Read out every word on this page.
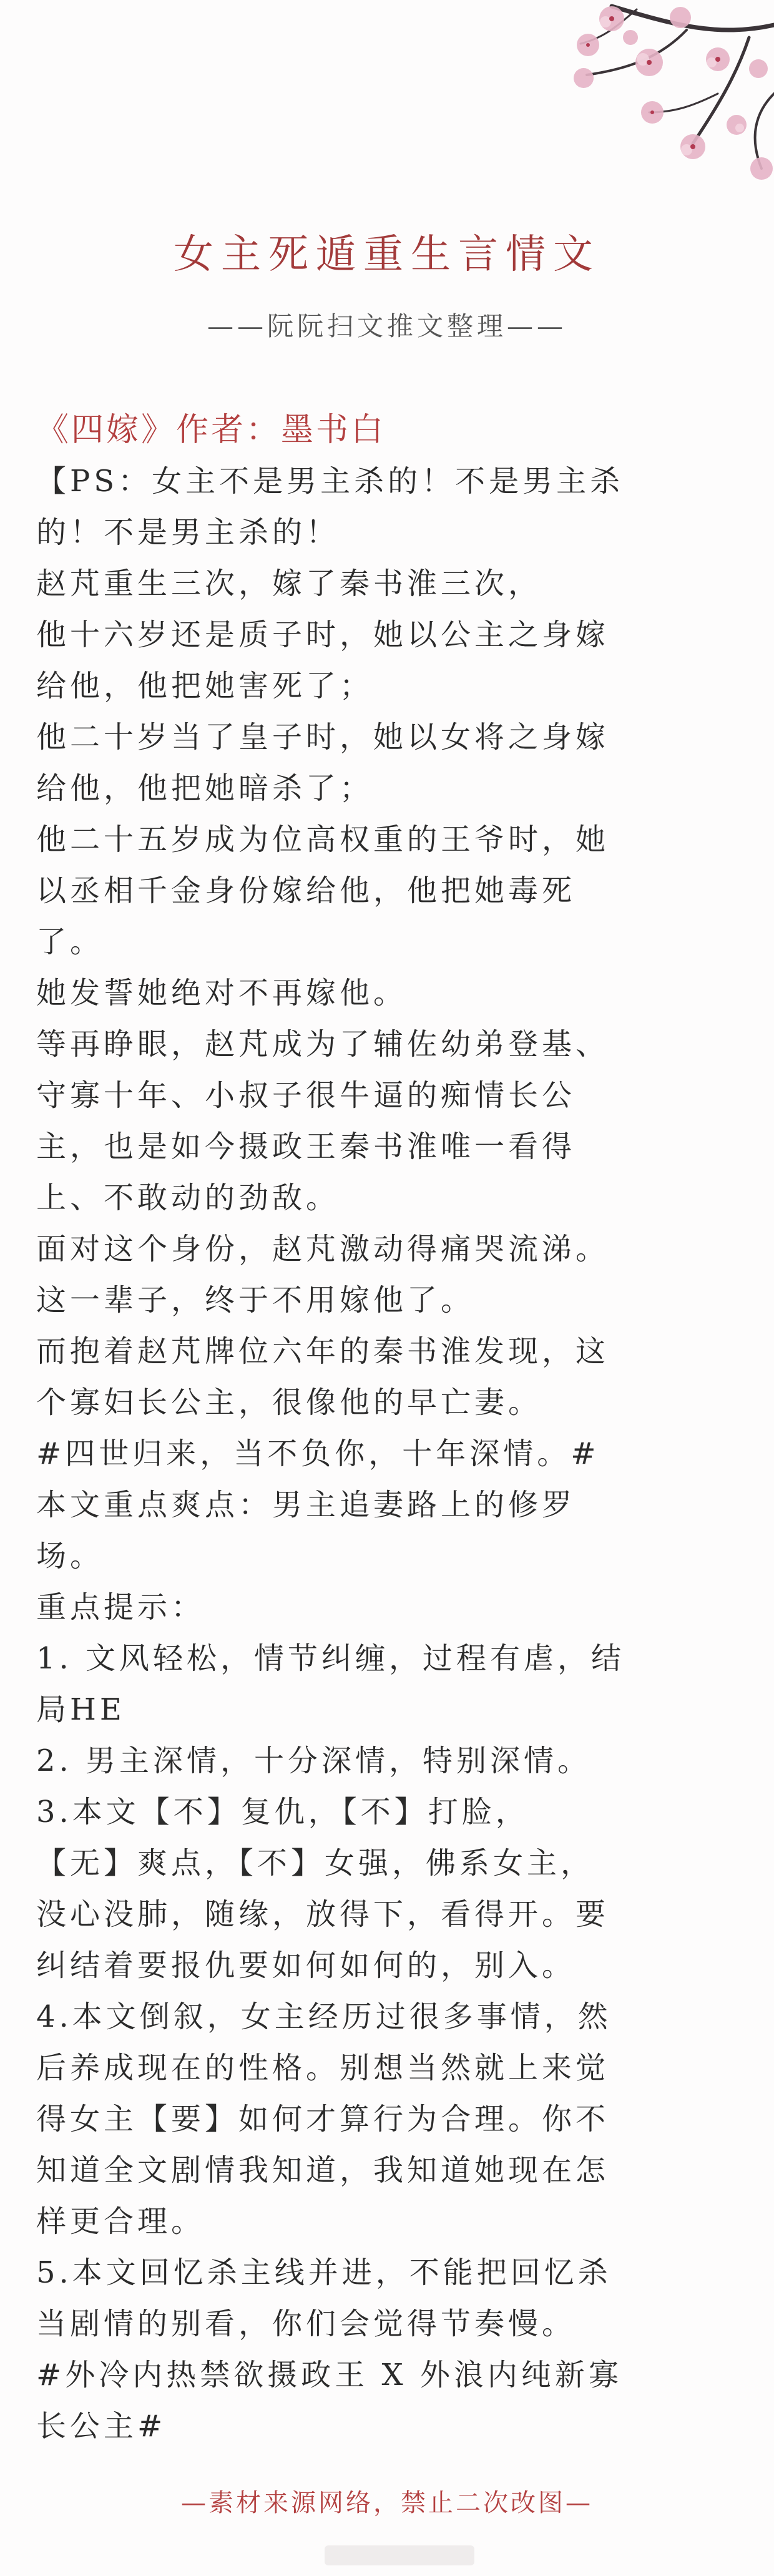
女主死遁重生言情文
——阮阮扫文推文整理——
《四嫁》作者：墨书白
【PS：女主不是男主杀的！不是男主杀
的！不是男主杀的！
赵芃重生三次，嫁了秦书淮三次，
他十六岁还是质子时，她以公主之身嫁
给他，他把她害死了；
他二十岁当了皇子时，她以女将之身嫁
给他，他把她暗杀了；
他二十五岁成为位高权重的王爷时，她
以丞相千金身份嫁给他，他把她毒死
了。
她发誓她绝对不再嫁他。
等再睁眼，赵芃成为了辅佐幼弟登基、
守寡十年、小叔子很牛逼的痴情长公
主，也是如今摄政王秦书淮唯一看得
上、不敢动的劲敌。
面对这个身份，赵芃激动得痛哭流涕。
这一辈子，终于不用嫁他了。
而抱着赵芃牌位六年的秦书淮发现，这
个寡妇长公主，很像他的早亡妻。
#四世归来，当不负你，十年深情。#
本文重点爽点：男主追妻路上的修罗
场。
重点提示：
1. 文风轻松，情节纠缠，过程有虐，结
局HE
2. 男主深情，十分深情，特别深情。
3.本文【不】复仇，【不】打脸，
【无】爽点，【不】女强，佛系女主，
没心没肺，随缘，放得下，看得开。要
纠结着要报仇要如何如何的，别入。
4.本文倒叙，女主经历过很多事情，然
后养成现在的性格。别想当然就上来觉
得女主【要】如何才算行为合理。你不
知道全文剧情我知道，我知道她现在怎
样更合理。
5.本文回忆杀主线并进，不能把回忆杀
当剧情的别看，你们会觉得节奏慢。
#外冷内热禁欲摄政王 X 外浪内纯新寡
长公主#
—素材来源网络，禁止二次改图—
